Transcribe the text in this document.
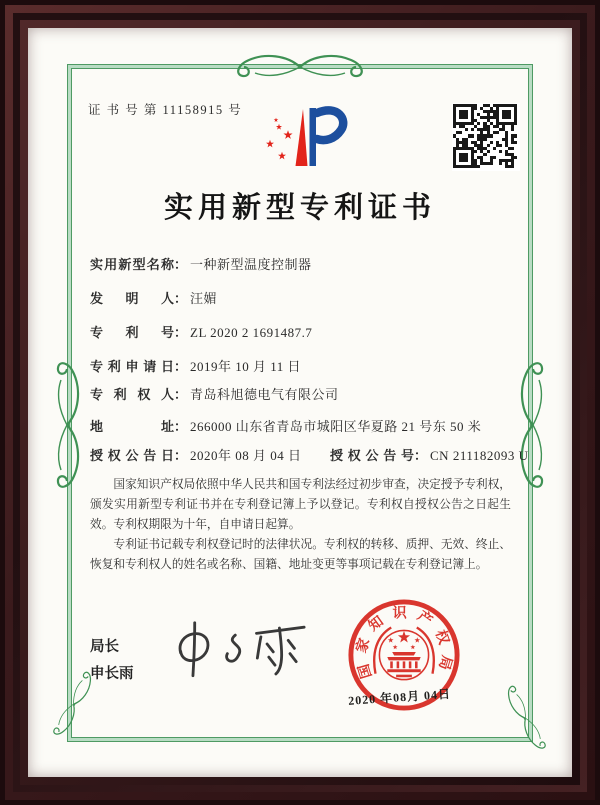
证 书 号 第 11158915 号
实用新型专利证书
实用新型名称： 一种新型温度控制器
发明人： 汪媚
专利号： ZL 2020 2 1691487.7
专利申请日： 2019年 10 月 11 日
专利权人： 青岛科旭德电气有限公司
地址： 266000 山东省青岛市城阳区华夏路 21 号东 50 米
授权公告日： 2020年 08 月 04 日 授权公告号： CN 211182093 U

国家知识产权局依照中华人民共和国专利法经过初步审查，决定授予专利权，颁发实用新型专利证书并在专利登记簿上予以登记。专利权自授权公告之日起生效。专利权期限为十年，自申请日起算。

专利证书记载专利权登记时的法律状况。专利权的转移、质押、无效、终止、恢复和专利权人的姓名或名称、国籍、地址变更等事项记载在专利登记簿上。

局长
申长雨	国家知识产权局
2020 年08月 04日
